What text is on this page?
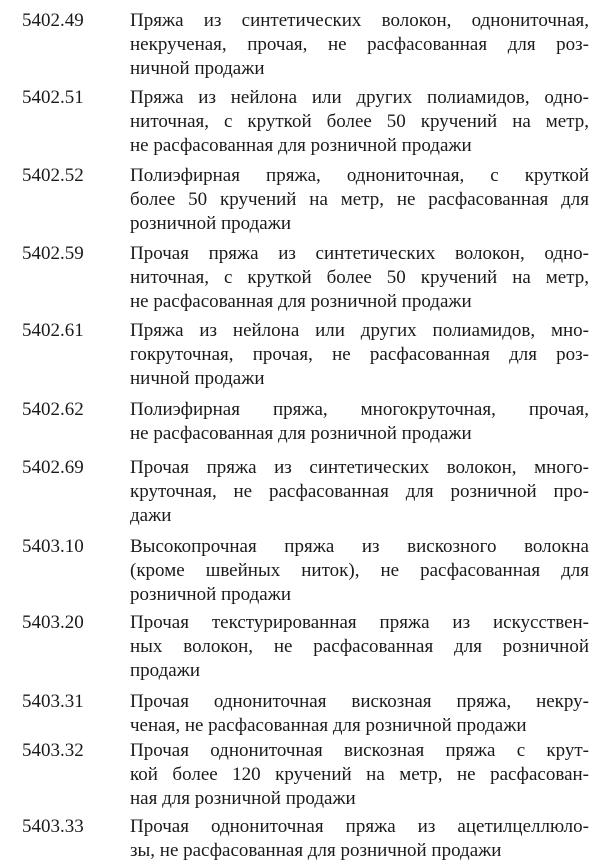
5402.49 Пряжа из синтетических волокон, однониточная,
некрученая, прочая, не расфасованная для роз-
ничной продажи
5402.51 Пряжа из нейлона или других полиамидов, одно-
ниточная, с круткой более 50 кручений на метр,
не расфасованная для розничной продажи
5402.52 Полиэфирная пряжа, однониточная, с круткой
более 50 кручений на метр, не расфасованная для
розничной продажи
5402.59 Прочая пряжа из синтетических волокон, одно-
ниточная, с круткой более 50 кручений на метр,
не расфасованная для розничной продажи
5402.61 Пряжа из нейлона или других полиамидов, мно-
гокруточная, прочая, не расфасованная для роз-
ничной продажи
5402.62 Полиэфирная пряжа, многокруточная, прочая,
не расфасованная для розничной продажи
5402.69 Прочая пряжа из синтетических волокон, много-
круточная, не расфасованная для розничной про-
дажи
5403.10 Высокопрочная пряжа из вискозного волокна
(кроме швейных ниток), не расфасованная для
розничной продажи
5403.20 Прочая текстурированная пряжа из искусствен-
ных волокон, не расфасованная для розничной
продажи
5403.31 Прочая однониточная вискозная пряжа, некру-
ченая, не расфасованная для розничной продажи
5403.32 Прочая однониточная вискозная пряжа с крут-
кой более 120 кручений на метр, не расфасован-
ная для розничной продажи
5403.33 Прочая однониточная пряжа из ацетилцеллюло-
зы, не расфасованная для розничной продажи
